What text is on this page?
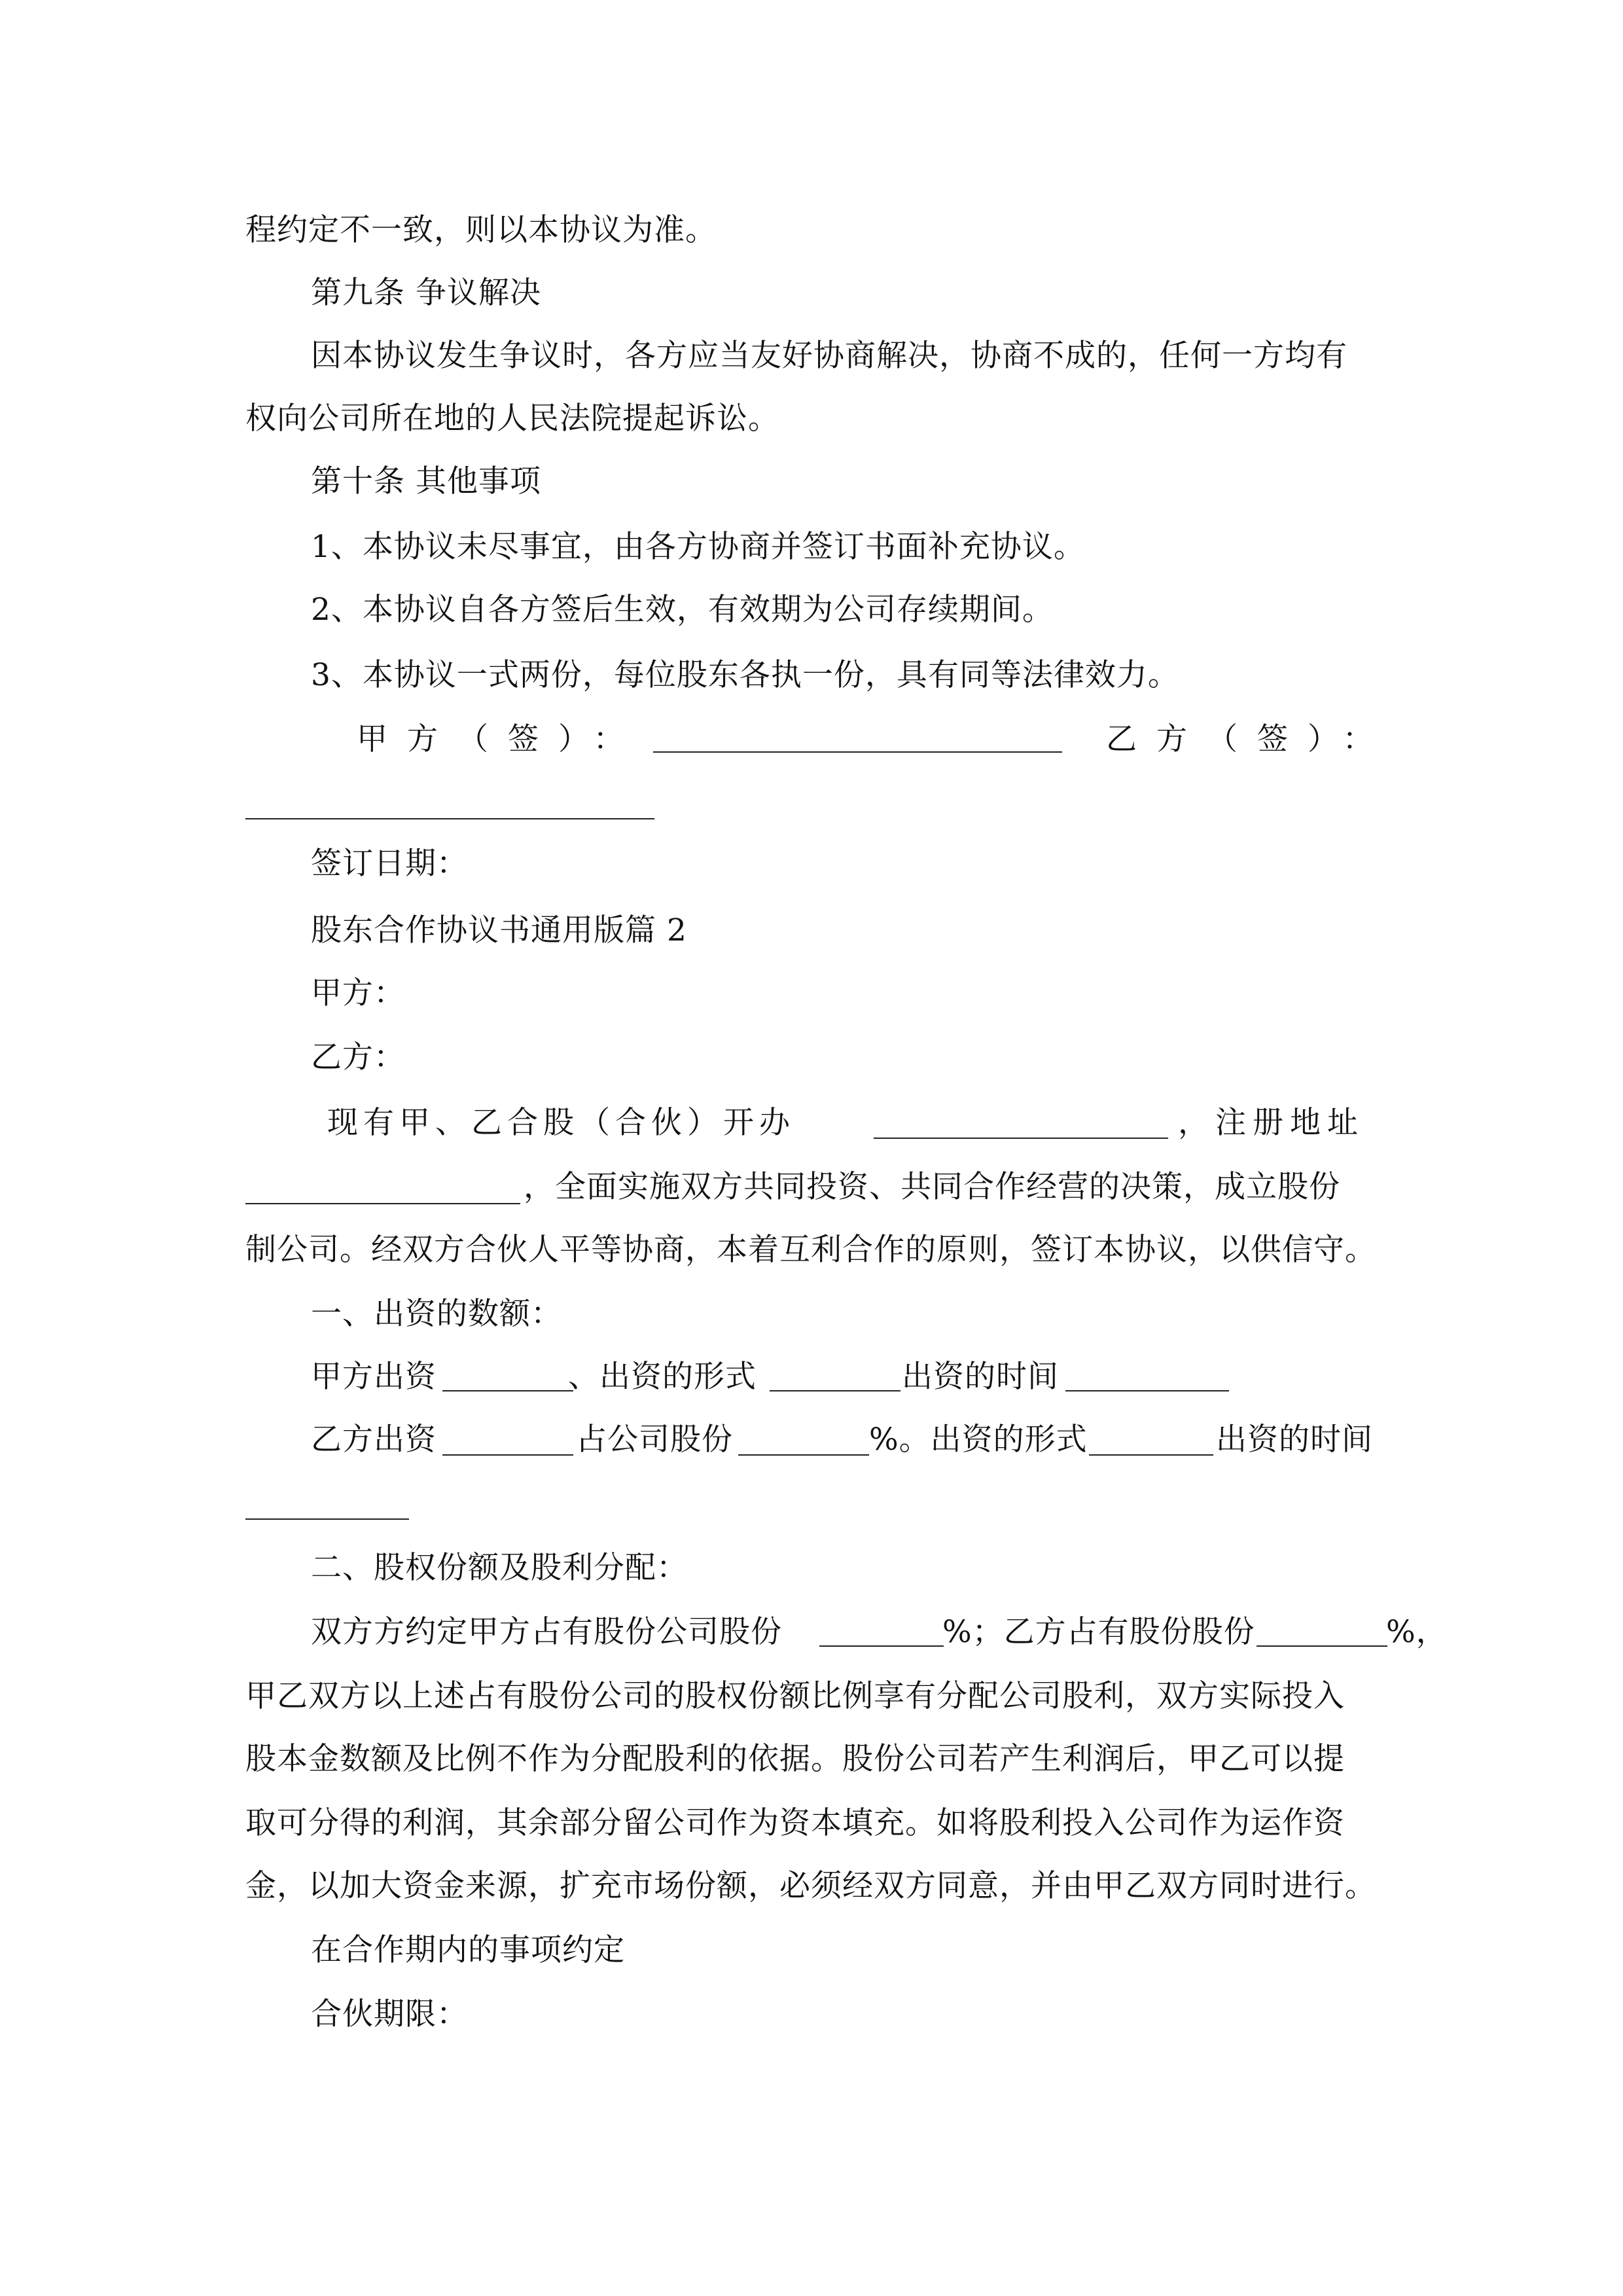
程约定不一致，则以本协议为准。
第九条 争议解决
因本协议发生争议时，各方应当友好协商解决，协商不成的，任何一方均有
权向公司所在地的人民法院提起诉讼。
第十条 其他事项
1、本协议未尽事宜，由各方协商并签订书面补充协议。
2、本协议自各方签后生效，有效期为公司存续期间。
3、本协议一式两份，每位股东各执一份，具有同等法律效力。
甲方（签）：	乙方（签）：
签订日期：
股东合作协议书通用版篇 2
甲方：
乙方：
现有甲、乙合股（合伙）开办	，注册地址
，全面实施双方共同投资、共同合作经营的决策，成立股份
制公司。经双方合伙人平等协商，本着互利合作的原则，签订本协议，以供信守。
一、出资的数额：
甲方出资	、出资的形式	出资的时间
乙方出资	占公司股份	%。出资的形式	出资的时间
二、股权份额及股利分配：
双方方约定甲方占有股份公司股份	%；乙方占有股份股份	%，
甲乙双方以上述占有股份公司的股权份额比例享有分配公司股利，双方实际投入
股本金数额及比例不作为分配股利的依据。股份公司若产生利润后，甲乙可以提
取可分得的利润，其余部分留公司作为资本填充。如将股利投入公司作为运作资
金，以加大资金来源，扩充市场份额，必须经双方同意，并由甲乙双方同时进行。
在合作期内的事项约定
合伙期限：
